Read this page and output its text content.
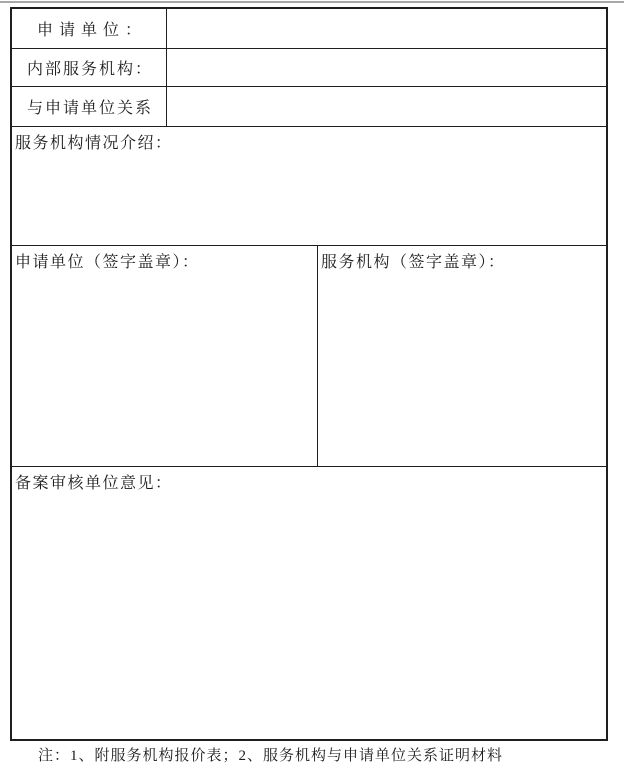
申请单位：
内部服务机构：
与申请单位关系
服务机构情况介绍：
申请单位（签字盖章）：	服务机构（签字盖章）：
备案审核单位意见：
注：1、附服务机构报价表；2、服务机构与申请单位关系证明材料
